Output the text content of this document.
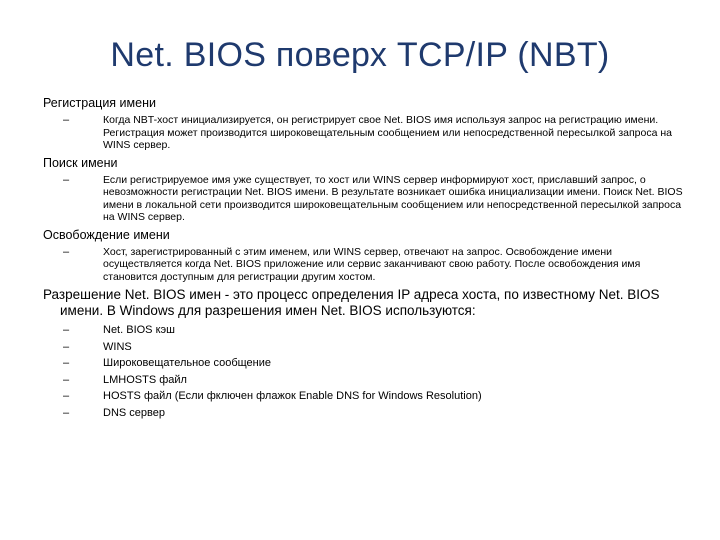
Net. BIOS поверх TCP/IP (NBT)

Регистрация имени

–	Когда NBT-хост инициализируется, он регистрирует свое Net. BIOS имя используя запрос на регистрацию имени. Регистрация может производится широковещательным сообщением или непосредственной пересылкой запроса на WINS сервер.

Поиск имени

–	Если регистрируемое имя уже существует, то хост или WINS сервер информируют хост, приславший запрос, о невозможности регистрации Net. BIOS имени. В результате возникает ошибка инициализации имени. Поиск Net. BIOS имени в локальной сети производится широковещательным сообщением или непосредственной пересылкой запроса на WINS сервер.

Освобождение имени

–	Хост, зарегистрированный с этим именем, или WINS сервер, отвечают на запрос. Освобождение имени осуществляется когда Net. BIOS приложение или сервис заканчивают свою работу. После освобождения имя становится доступным для регистрации другим хостом.

Разрешение Net. BIOS имен - это процесс определения IP адреса хоста, по известному Net. BIOS имени. В Windows для разрешения имен Net. BIOS используются:

–	Net. BIOS кэш
–	WINS
–	Широковещательное сообщение
–	LMHOSTS файл
–	HOSTS файл (Если фключен флажок Enable DNS for Windows Resolution)
–	DNS сервер
